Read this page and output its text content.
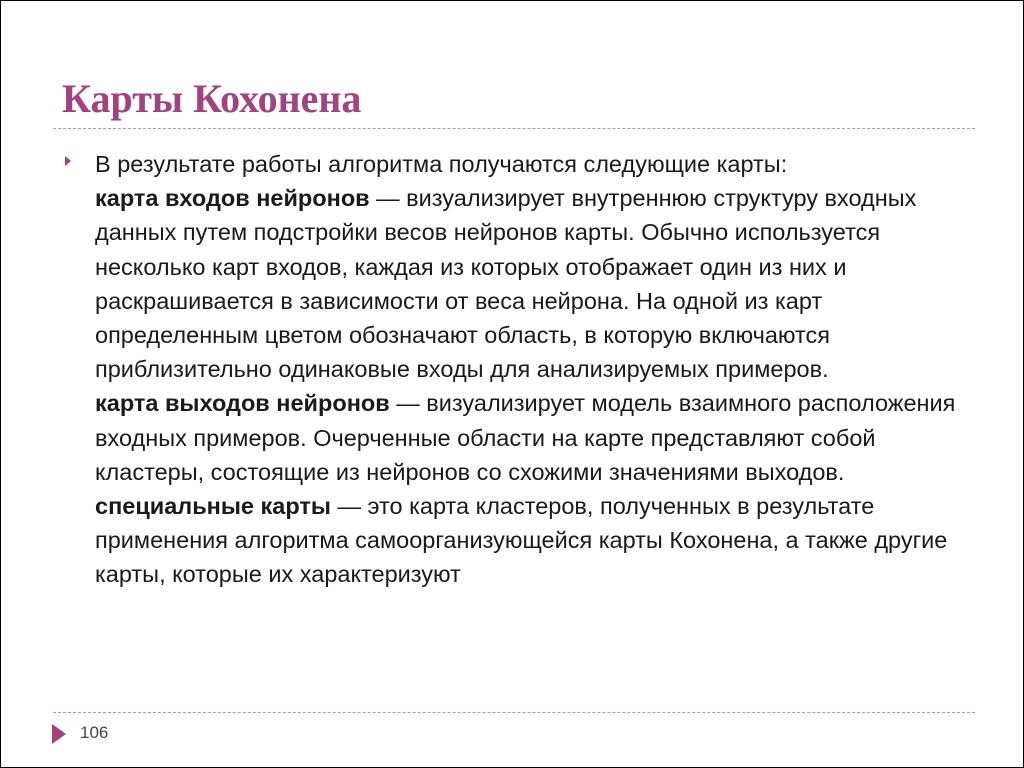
Карты Кохонена

В результате работы алгоритма получаются следующие карты:

карта входов нейронов — визуализирует внутреннюю структуру входных данных путем подстройки весов нейронов карты. Обычно используется несколько карт входов, каждая из которых отображает один из них и раскрашивается в зависимости от веса нейрона. На одной из карт определенным цветом обозначают область, в которую включаются приблизительно одинаковые входы для анализируемых примеров.

карта выходов нейронов — визуализирует модель взаимного расположения входных примеров. Очерченные области на карте представляют собой кластеры, состоящие из нейронов со схожими значениями выходов.

специальные карты — это карта кластеров, полученных в результате применения алгоритма самоорганизующейся карты Кохонена, а также другие карты, которые их характеризуют

106
